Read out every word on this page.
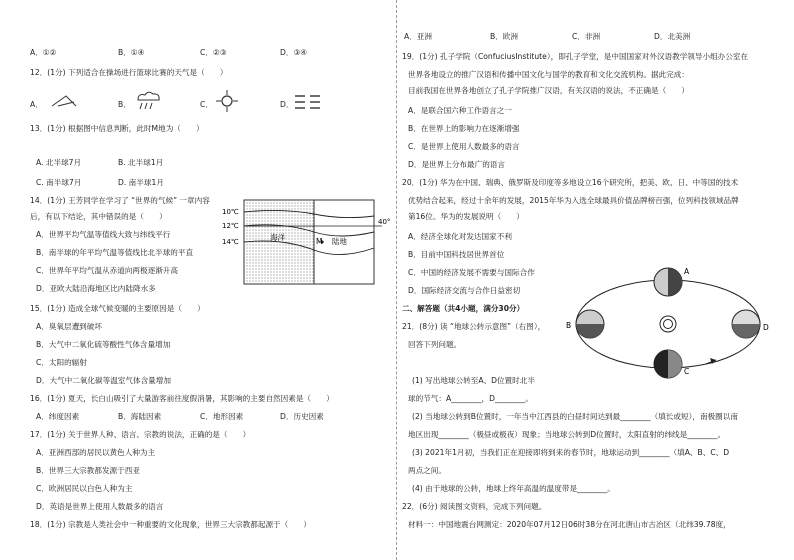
A．①②	B．①④	C．②③	D．③④
12．(1分) 下列适合在操场进行篮球比赛的天气是（　　）
A．	B．	C．	D．
13．(1分) 根据图中信息判断，此时M地为（　　）
A. 北半球7月	B. 北半球1月
C. 南半球7月	D. 南半球1月
14．(1分) 王芳同学在学习了 “世界的气候” 一章内容
后，有以下结论，其中错误的是（　　）
A．世界平均气温等值线大致与纬线平行
B．南半球的年平均气温等值线比北半球的平直
C．世界年平均气温从赤道向两极逐渐升高
D．亚欧大陆沿海地区比内陆降水多
10℃
12℃
14℃
40°
海洋	M 陆地
15．(1分) 造成全球气候变暖的主要原因是（　　）
A．臭氧层遭到破坏
B．大气中二氧化硫等酸性气体含量增加
C．太阳的辐射
D．大气中二氧化碳等温室气体含量增加
16．(1分) 夏天，长白山吸引了大量游客前往度假消暑，其影响的主要自然因素是（　　）
A．纬度因素	B．海陆因素	C．地形因素	D．历史因素
17．(1分) 关于世界人种、语言、宗教的说法，正确的是（　　）
A．亚洲西部的居民以黄色人种为主
B．世界三大宗教都发源于西亚
C．欧洲居民以白色人种为主
D．英语是世界上使用人数最多的语言
18．(1分) 宗教是人类社会中一种重要的文化现象，世界三大宗教都起源于（　　）
A．亚洲	B．欧洲	C．非洲	D．北美洲
19．(1分) 孔子学院（ConfuciusInstitute），即孔子学堂，是中国国家对外汉语教学领导小组办公室在
世界各地设立的推广汉语和传播中国文化与国学的教育和文化交流机构。据此完成：
目前我国在世界各地创立了孔子学院推广汉语，有关汉语的说法，不正确是（　　）
A．是联合国六种工作语言之一
B．在世界上的影响力在逐渐增强
C．是世界上使用人数最多的语言
D．是世界上分布最广的语言
20．(1分) 华为在中国、瑞典、俄罗斯及印度等多地设立16个研究所，把美、欧、日、中等国的技术
优势结合起来，经过十余年的发展，2015年华为入选全球最具价值品牌榜百强，位列科技领域品牌
第16位。华为的发展说明（　　）
A．经济全球化对发达国家不利
B．目前中国科技居世界首位
C．中国的经济发展不需要与国际合作
D．国际经济交流与合作日益密切
二、解答题（共4小题，满分30分）
21．(8分) 读 “地球公转示意图”（右图），
回答下列问题。
(1) 写出地球公转至A、D位置时北半
球的节气：A________，D________。
(2) 当地球公转到B位置时，一年当中江西县的白昼时间达到最________（填长或短），南极圈以南
地区出现________（极昼或极夜）现象；当地球公转到D位置时，太阳直射的纬线是________。
(3) 2021年1月初，当我们正在迎接即将到来的春节时，地球运动到________（填A、B、C、D
两点之间。
(4) 由于地球的公转，地球上终年高温的温度带是________。
22．(6分) 阅读图文资料，完成下列问题。
材料一：中国地震台网测定：2020年07月12日06时38分在河北唐山市古冶区（北纬39.78度，
A
B
C
D
